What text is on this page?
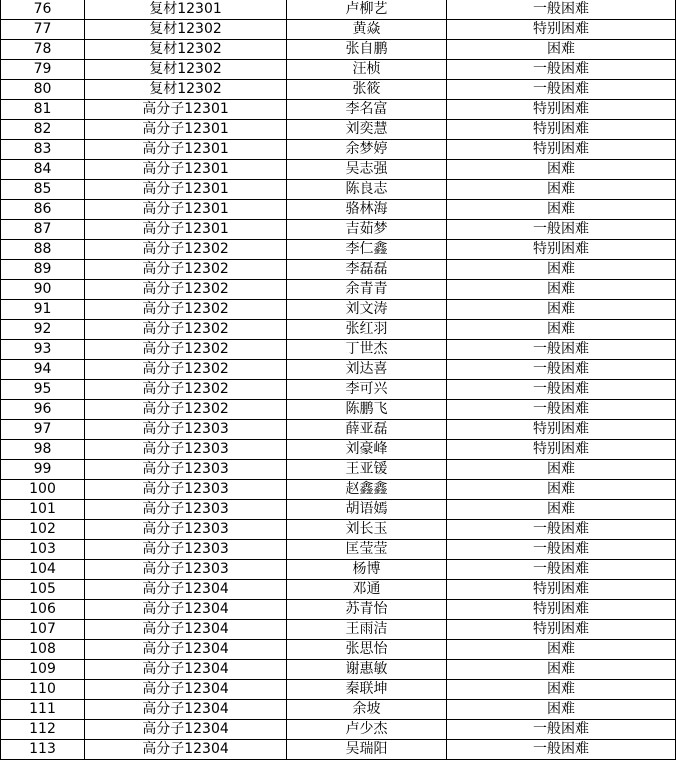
76	复材12301	卢柳艺	一般困难
77	复材12302	黄焱	特别困难
78	复材12302	张自鹏	困难
79	复材12302	汪桢	一般困难
80	复材12302	张筱	一般困难
81	高分子12301	李名富	特别困难
82	高分子12301	刘奕慧	特别困难
83	高分子12301	余梦婷	特别困难
84	高分子12301	吴志强	困难
85	高分子12301	陈良志	困难
86	高分子12301	骆林海	困难
87	高分子12301	吉茹梦	一般困难
88	高分子12302	李仁鑫	特别困难
89	高分子12302	李磊磊	困难
90	高分子12302	余青青	困难
91	高分子12302	刘文涛	困难
92	高分子12302	张红羽	困难
93	高分子12302	丁世杰	一般困难
94	高分子12302	刘达喜	一般困难
95	高分子12302	李可兴	一般困难
96	高分子12302	陈鹏飞	一般困难
97	高分子12303	薛亚磊	特别困难
98	高分子12303	刘豪峰	特别困难
99	高分子12303	王亚锾	困难
100	高分子12303	赵鑫鑫	困难
101	高分子12303	胡语嫣	困难
102	高分子12303	刘长玉	一般困难
103	高分子12303	匡莹莹	一般困难
104	高分子12303	杨博	一般困难
105	高分子12304	邓通	特别困难
106	高分子12304	苏青怡	特别困难
107	高分子12304	王雨洁	特别困难
108	高分子12304	张思怡	困难
109	高分子12304	谢惠敏	困难
110	高分子12304	秦联坤	困难
111	高分子12304	余坡	困难
112	高分子12304	卢少杰	一般困难
113	高分子12304	吴瑞阳	一般困难
